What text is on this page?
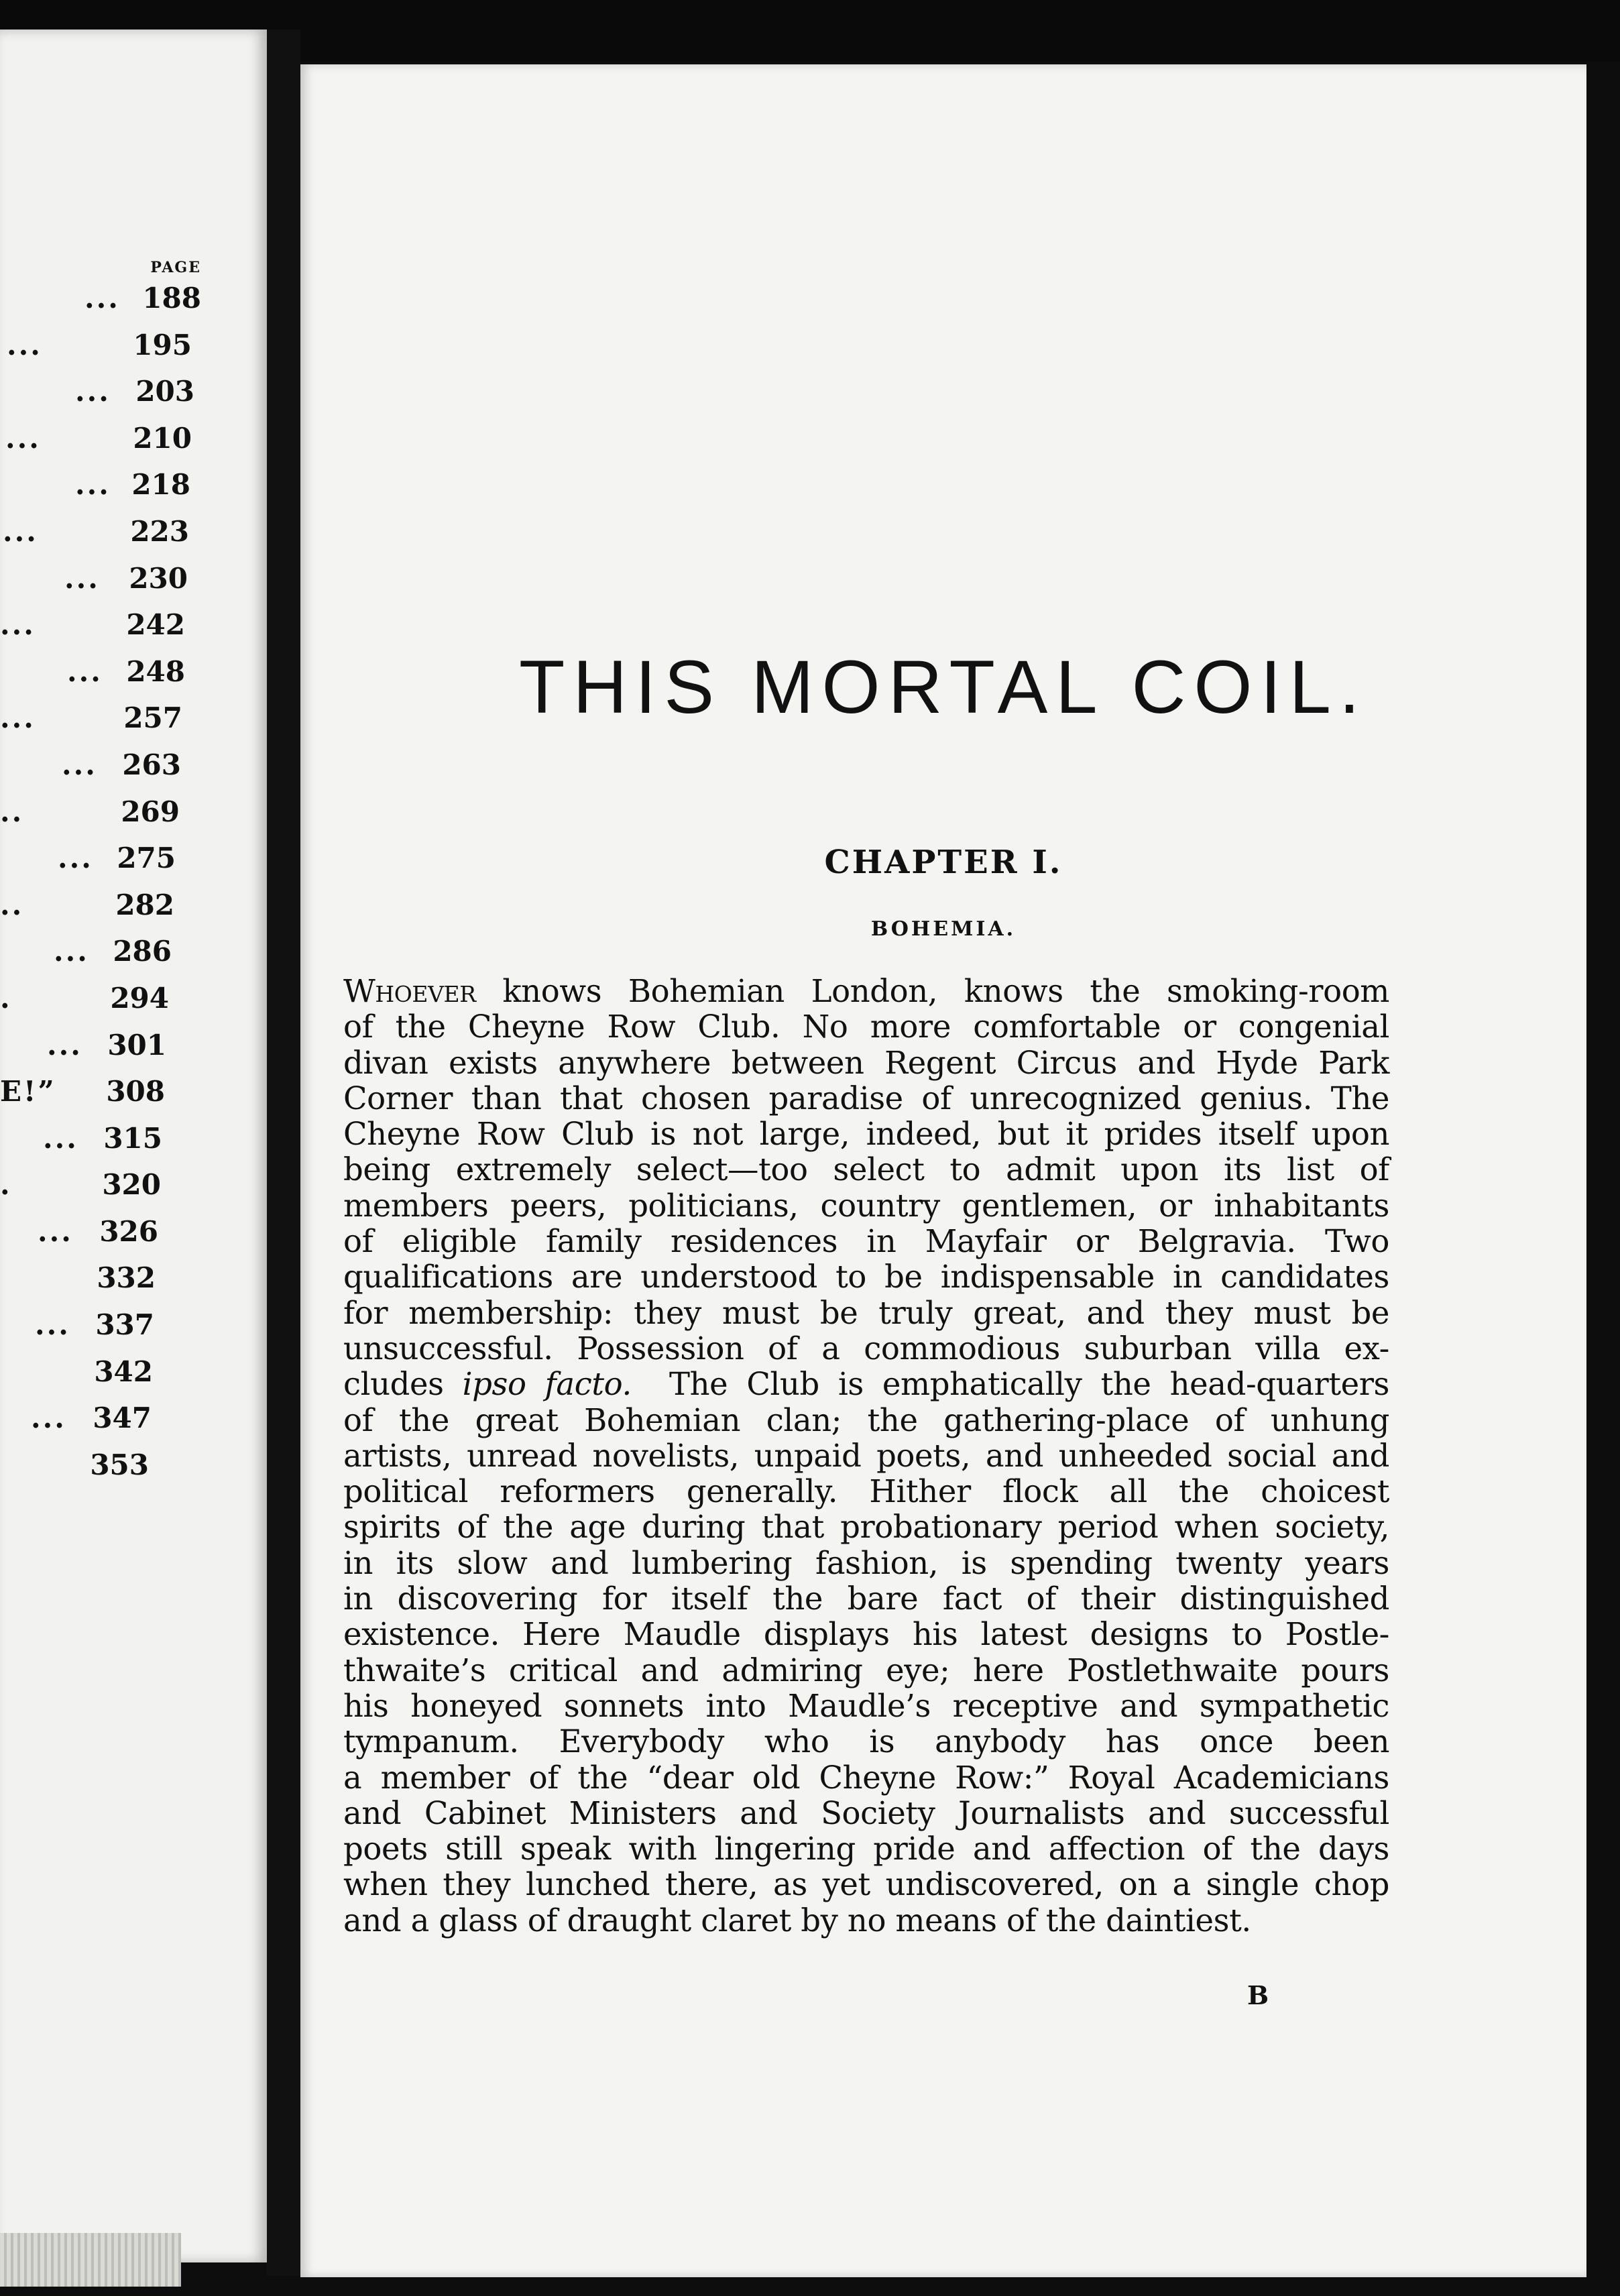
PAGE
... 188
...	195
... 203
...	210
... 218
...	223
... 230
...	242
... 248
...	257
... 263
..	269
... 275
..	282
... 286
.	294
... 301
E!” 308
... 315
.	320
... 326
332
... 337
342
... 347
353
THIS MORTAL COIL.
CHAPTER I.
BOHEMIA.
Whoever knows Bohemian London, knows the smoking-room
of the Cheyne Row Club. No more comfortable or congenial
divan exists anywhere between Regent Circus and Hyde Park
Corner than that chosen paradise of unrecognized genius. The
Cheyne Row Club is not large, indeed, but it prides itself upon
being extremely select—too select to admit upon its list of
members peers, politicians, country gentlemen, or inhabitants
of eligible family residences in Mayfair or Belgravia. Two
qualifications are understood to be indispensable in candidates
for membership: they must be truly great, and they must be
unsuccessful. Possession of a commodious suburban villa ex-
cludes ipso facto. The Club is emphatically the head-quarters
of the great Bohemian clan; the gathering-place of unhung
artists, unread novelists, unpaid poets, and unheeded social and
political reformers generally. Hither flock all the choicest
spirits of the age during that probationary period when society,
in its slow and lumbering fashion, is spending twenty years
in discovering for itself the bare fact of their distinguished
existence. Here Maudle displays his latest designs to Postle-
thwaite’s critical and admiring eye; here Postlethwaite pours
his honeyed sonnets into Maudle’s receptive and sympathetic
tympanum. Everybody who is anybody has once been
a member of the “dear old Cheyne Row:” Royal Academicians
and Cabinet Ministers and Society Journalists and successful
poets still speak with lingering pride and affection of the days
when they lunched there, as yet undiscovered, on a single chop
and a glass of draught claret by no means of the daintiest.
B
